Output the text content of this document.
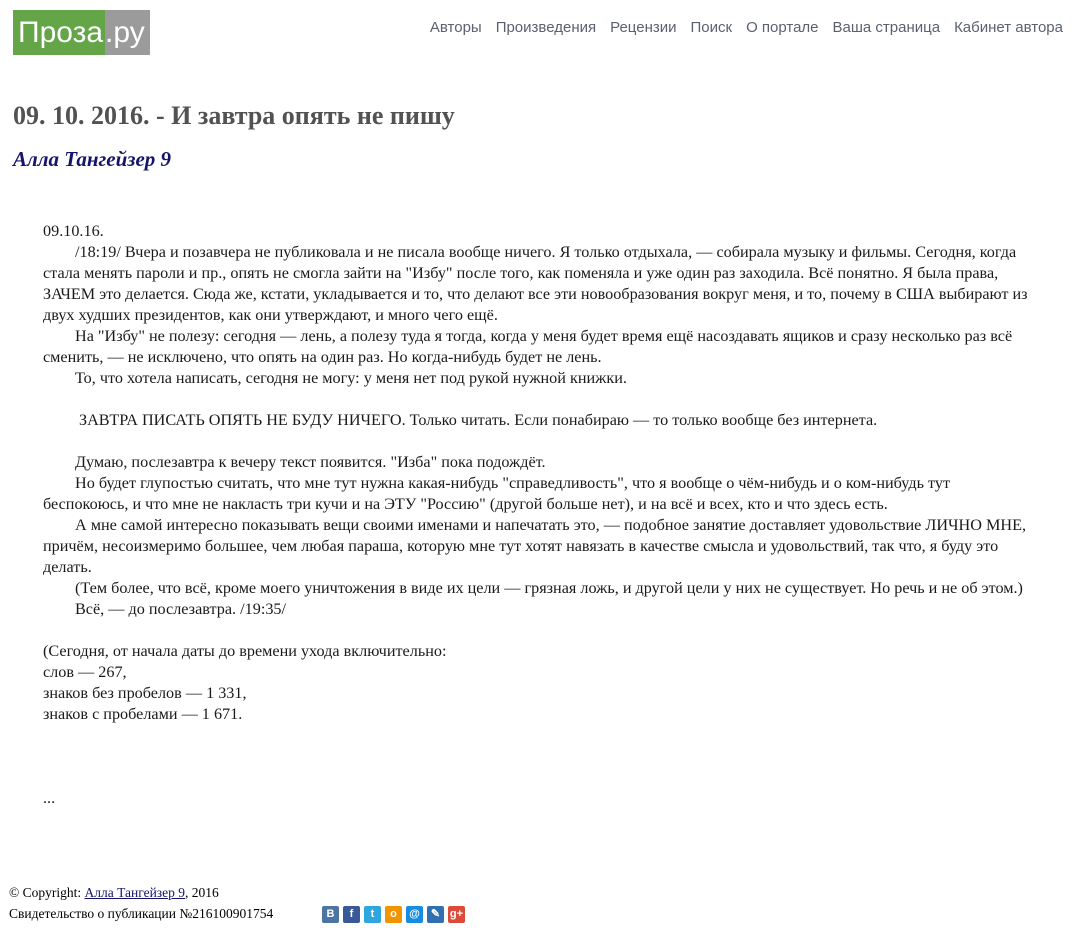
Проза .ру	Авторы Произведения Рецензии Поиск О портале Ваша страница Кабинет автора
09. 10. 2016. - И завтра опять не пишу
Алла Тангейзер 9

09.10.16.

/18:19/ Вчера и позавчера не публиковала и не писала вообще ничего. Я только отдыхала, — собирала музыку и фильмы. Сегодня, когда стала менять пароли и пр., опять не смогла зайти на "Избу" после того, как поменяла и уже один раз заходила. Всё понятно. Я была права, ЗАЧЕМ это делается. Сюда же, кстати, укладывается и то, что делают все эти новообразования вокруг меня, и то, почему в США выбирают из двух худших президентов, как они утверждают, и много чего ещё.

На "Избу" не полезу: сегодня — лень, а полезу туда я тогда, когда у меня будет время ещё насоздавать ящиков и сразу несколько раз всё сменить, — не исключено, что опять на один раз. Но когда-нибудь будет не лень.

То, что хотела написать, сегодня не могу: у меня нет под рукой нужной книжки.

ЗАВТРА ПИСАТЬ ОПЯТЬ НЕ БУДУ НИЧЕГО. Только читать. Если понабираю — то только вообще без интернета.

Думаю, послезавтра к вечеру текст появится. "Изба" пока подождёт.

Но будет глупостью считать, что мне тут нужна какая-нибудь "справедливость", что я вообще о чём-нибудь и о ком-нибудь тут беспокоюсь, и что мне не накласть три кучи и на ЭТУ "Россию" (другой больше нет), и на всё и всех, кто и что здесь есть.

А мне самой интересно показывать вещи своими именами и напечатать это, — подобное занятие доставляет удовольствие ЛИЧНО МНЕ, причём, несоизмеримо большее, чем любая параша, которую мне тут хотят навязать в качестве смысла и удовольствий, так что, я буду это делать.

(Тем более, что всё, кроме моего уничтожения в виде их цели — грязная ложь, и другой цели у них не существует. Но речь и не об этом.)

Всё, — до послезавтра. /19:35/

(Сегодня, от начала даты до времени ухода включительно:

слов — 267,

знаков без пробелов — 1 331,

знаков с пробелами — 1 671.

...

© Copyright: Алла Тангейзер 9, 2016
Свидетельство о публикации №216100901754	В	f	t	o	@	✎ g+
